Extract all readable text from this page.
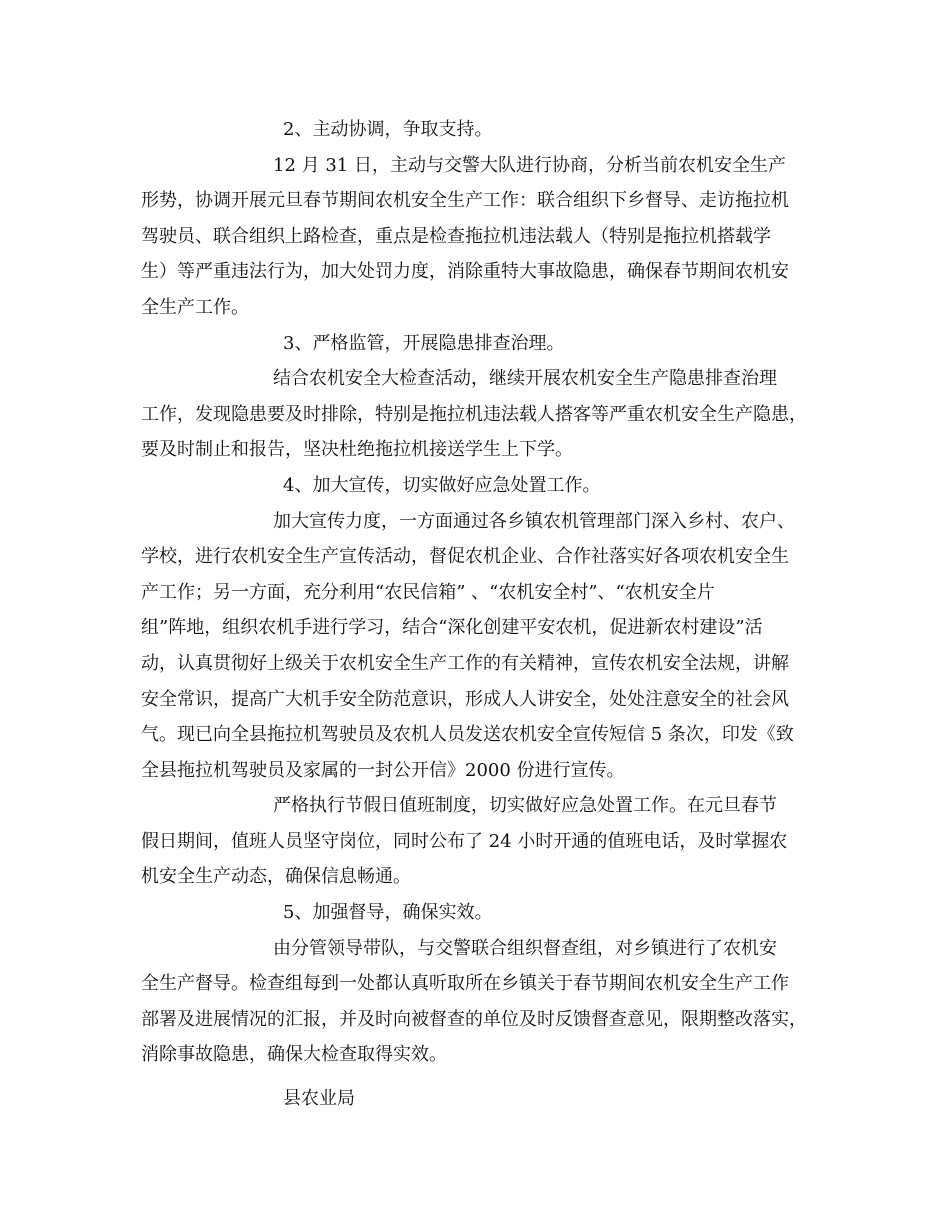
2、主动协调，争取支持。
12 月 31 日，主动与交警大队进行协商，分析当前农机安全生产
形势，协调开展元旦春节期间农机安全生产工作：联合组织下乡督导、走访拖拉机
驾驶员、联合组织上路检查，重点是检查拖拉机违法载人（特别是拖拉机搭载学
生）等严重违法行为，加大处罚力度，消除重特大事故隐患，确保春节期间农机安
全生产工作。
3、严格监管，开展隐患排查治理。
结合农机安全大检查活动，继续开展农机安全生产隐患排查治理
工作，发现隐患要及时排除，特别是拖拉机违法载人搭客等严重农机安全生产隐患，
要及时制止和报告，坚决杜绝拖拉机接送学生上下学。
4、加大宣传，切实做好应急处置工作。
加大宣传力度，一方面通过各乡镇农机管理部门深入乡村、农户、
学校，进行农机安全生产宣传活动，督促农机企业、合作社落实好各项农机安全生
产工作；另一方面，充分利用“农民信箱” 、“农机安全村”、“农机安全片
组”阵地，组织农机手进行学习，结合“深化创建平安农机，促进新农村建设”活
动，认真贯彻好上级关于农机安全生产工作的有关精神，宣传农机安全法规，讲解
安全常识，提高广大机手安全防范意识，形成人人讲安全，处处注意安全的社会风
气。现已向全县拖拉机驾驶员及农机人员发送农机安全宣传短信 5 条次，印发《致
全县拖拉机驾驶员及家属的一封公开信》2000 份进行宣传。
严格执行节假日值班制度，切实做好应急处置工作。在元旦春节
假日期间，值班人员坚守岗位，同时公布了 24 小时开通的值班电话，及时掌握农
机安全生产动态，确保信息畅通。
5、加强督导，确保实效。
由分管领导带队，与交警联合组织督查组，对乡镇进行了农机安
全生产督导。检查组每到一处都认真听取所在乡镇关于春节期间农机安全生产工作
部署及进展情况的汇报，并及时向被督查的单位及时反馈督查意见，限期整改落实，
消除事故隐患，确保大检查取得实效。
县农业局
